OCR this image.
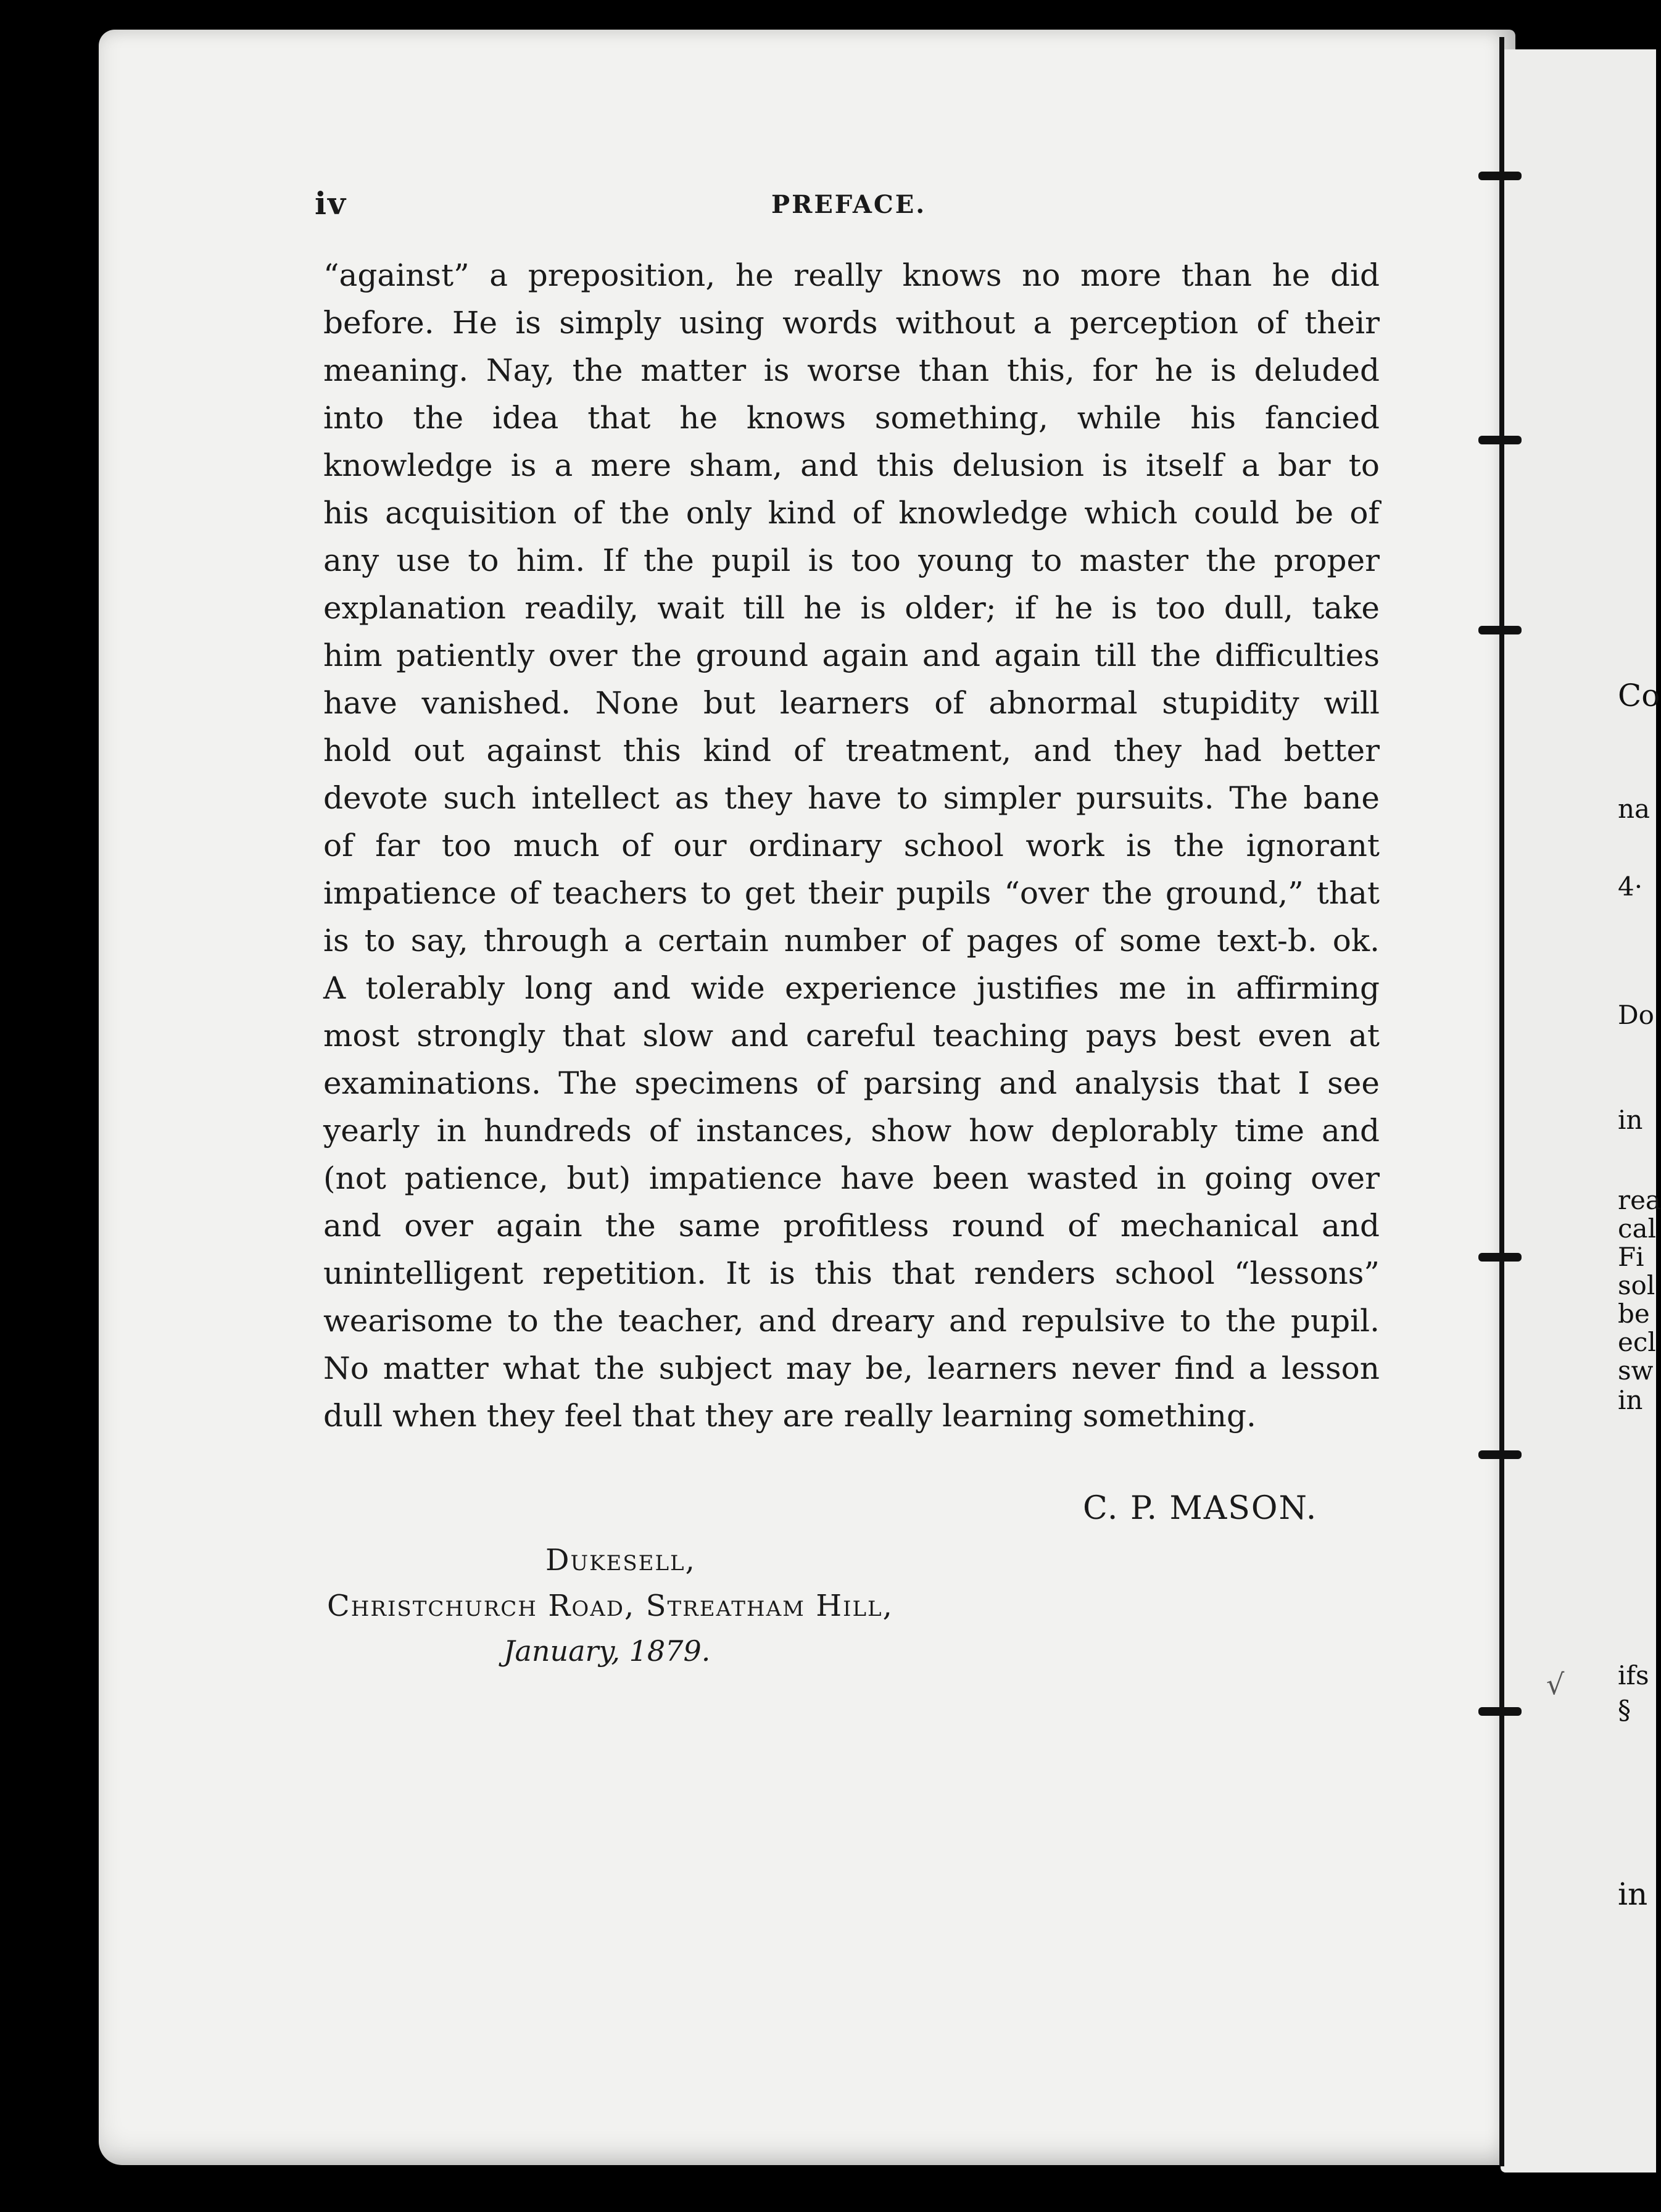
iv	PREFACE.
“against” a preposition, he really knows no more than he did
before. He is simply using words without a perception of their
meaning. Nay, the matter is worse than this, for he is deluded
into the idea that he knows something, while his fancied
knowledge is a mere sham, and this delusion is itself a bar to
his acquisition of the only kind of knowledge which could be of
any use to him. If the pupil is too young to master the proper
explanation readily, wait till he is older; if he is too dull, take
him patiently over the ground again and again till the difficulties
have vanished. None but learners of abnormal stupidity will
hold out against this kind of treatment, and they had better
devote such intellect as they have to simpler pursuits. The bane
of far too much of our ordinary school work is the ignorant
impatience of teachers to get their pupils “over the ground,” that
is to say, through a certain number of pages of some text-b. ok.
A tolerably long and wide experience justifies me in affirming
most strongly that slow and careful teaching pays best even at
examinations. The specimens of parsing and analysis that I see
yearly in hundreds of instances, show how deplorably time and
(not patience, but) impatience have been wasted in going over
and over again the same profitless round of mechanical and
unintelligent repetition. It is this that renders school “lessons”
wearisome to the teacher, and dreary and repulsive to the pupil.
No matter what the subject may be, learners never find a lesson
dull when they feel that they are really learning something.
C. P. MASON.
Dukesell,
Christchurch Road, Streatham Hill,
January, 1879.
Co
na
4·
Do
in
rea
cal
Fi
sol
be
ecl
sw
in
ifs
§
in
√
